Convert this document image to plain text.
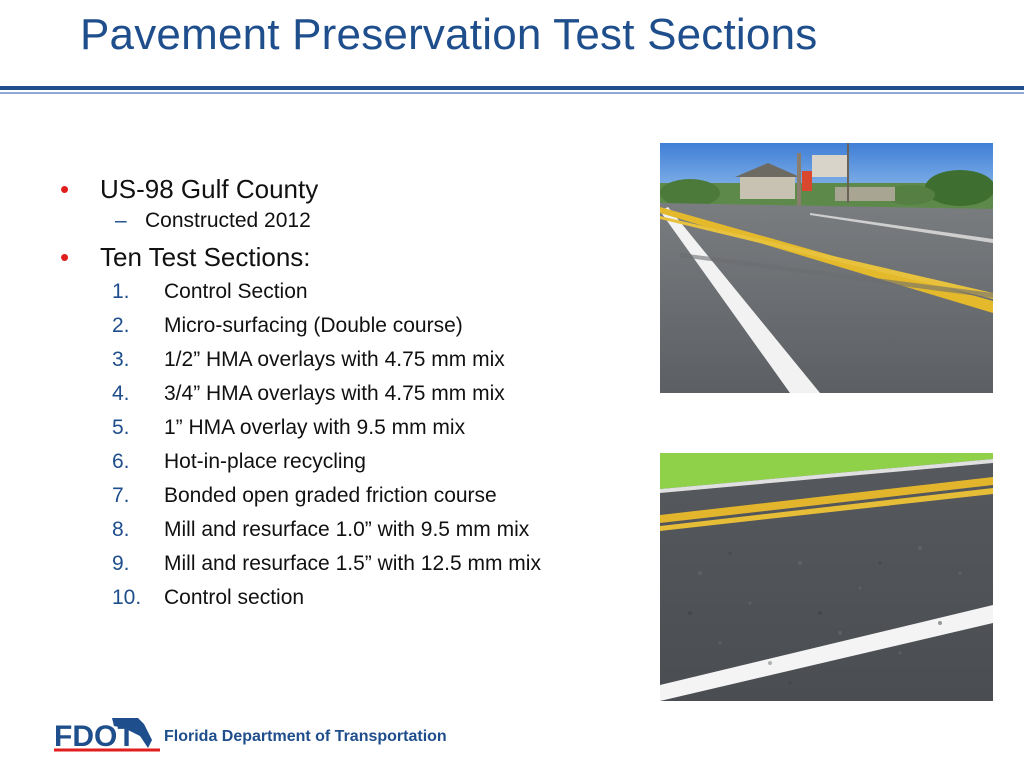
Pavement Preservation Test Sections
• US-98 Gulf County
– Constructed 2012
• Ten Test Sections:
1. Control Section
2. Micro-surfacing (Double course)
3. 1/2” HMA overlays with 4.75 mm mix
4. 3/4” HMA overlays with 4.75 mm mix
5. 1” HMA overlay with 9.5 mm mix
6. Hot-in-place recycling
7. Bonded open graded friction course
8. Mill and resurface 1.0” with 9.5 mm mix
9. Mill and resurface 1.5” with 12.5 mm mix
10. Control section
FDOT Florida Department of Transportation
